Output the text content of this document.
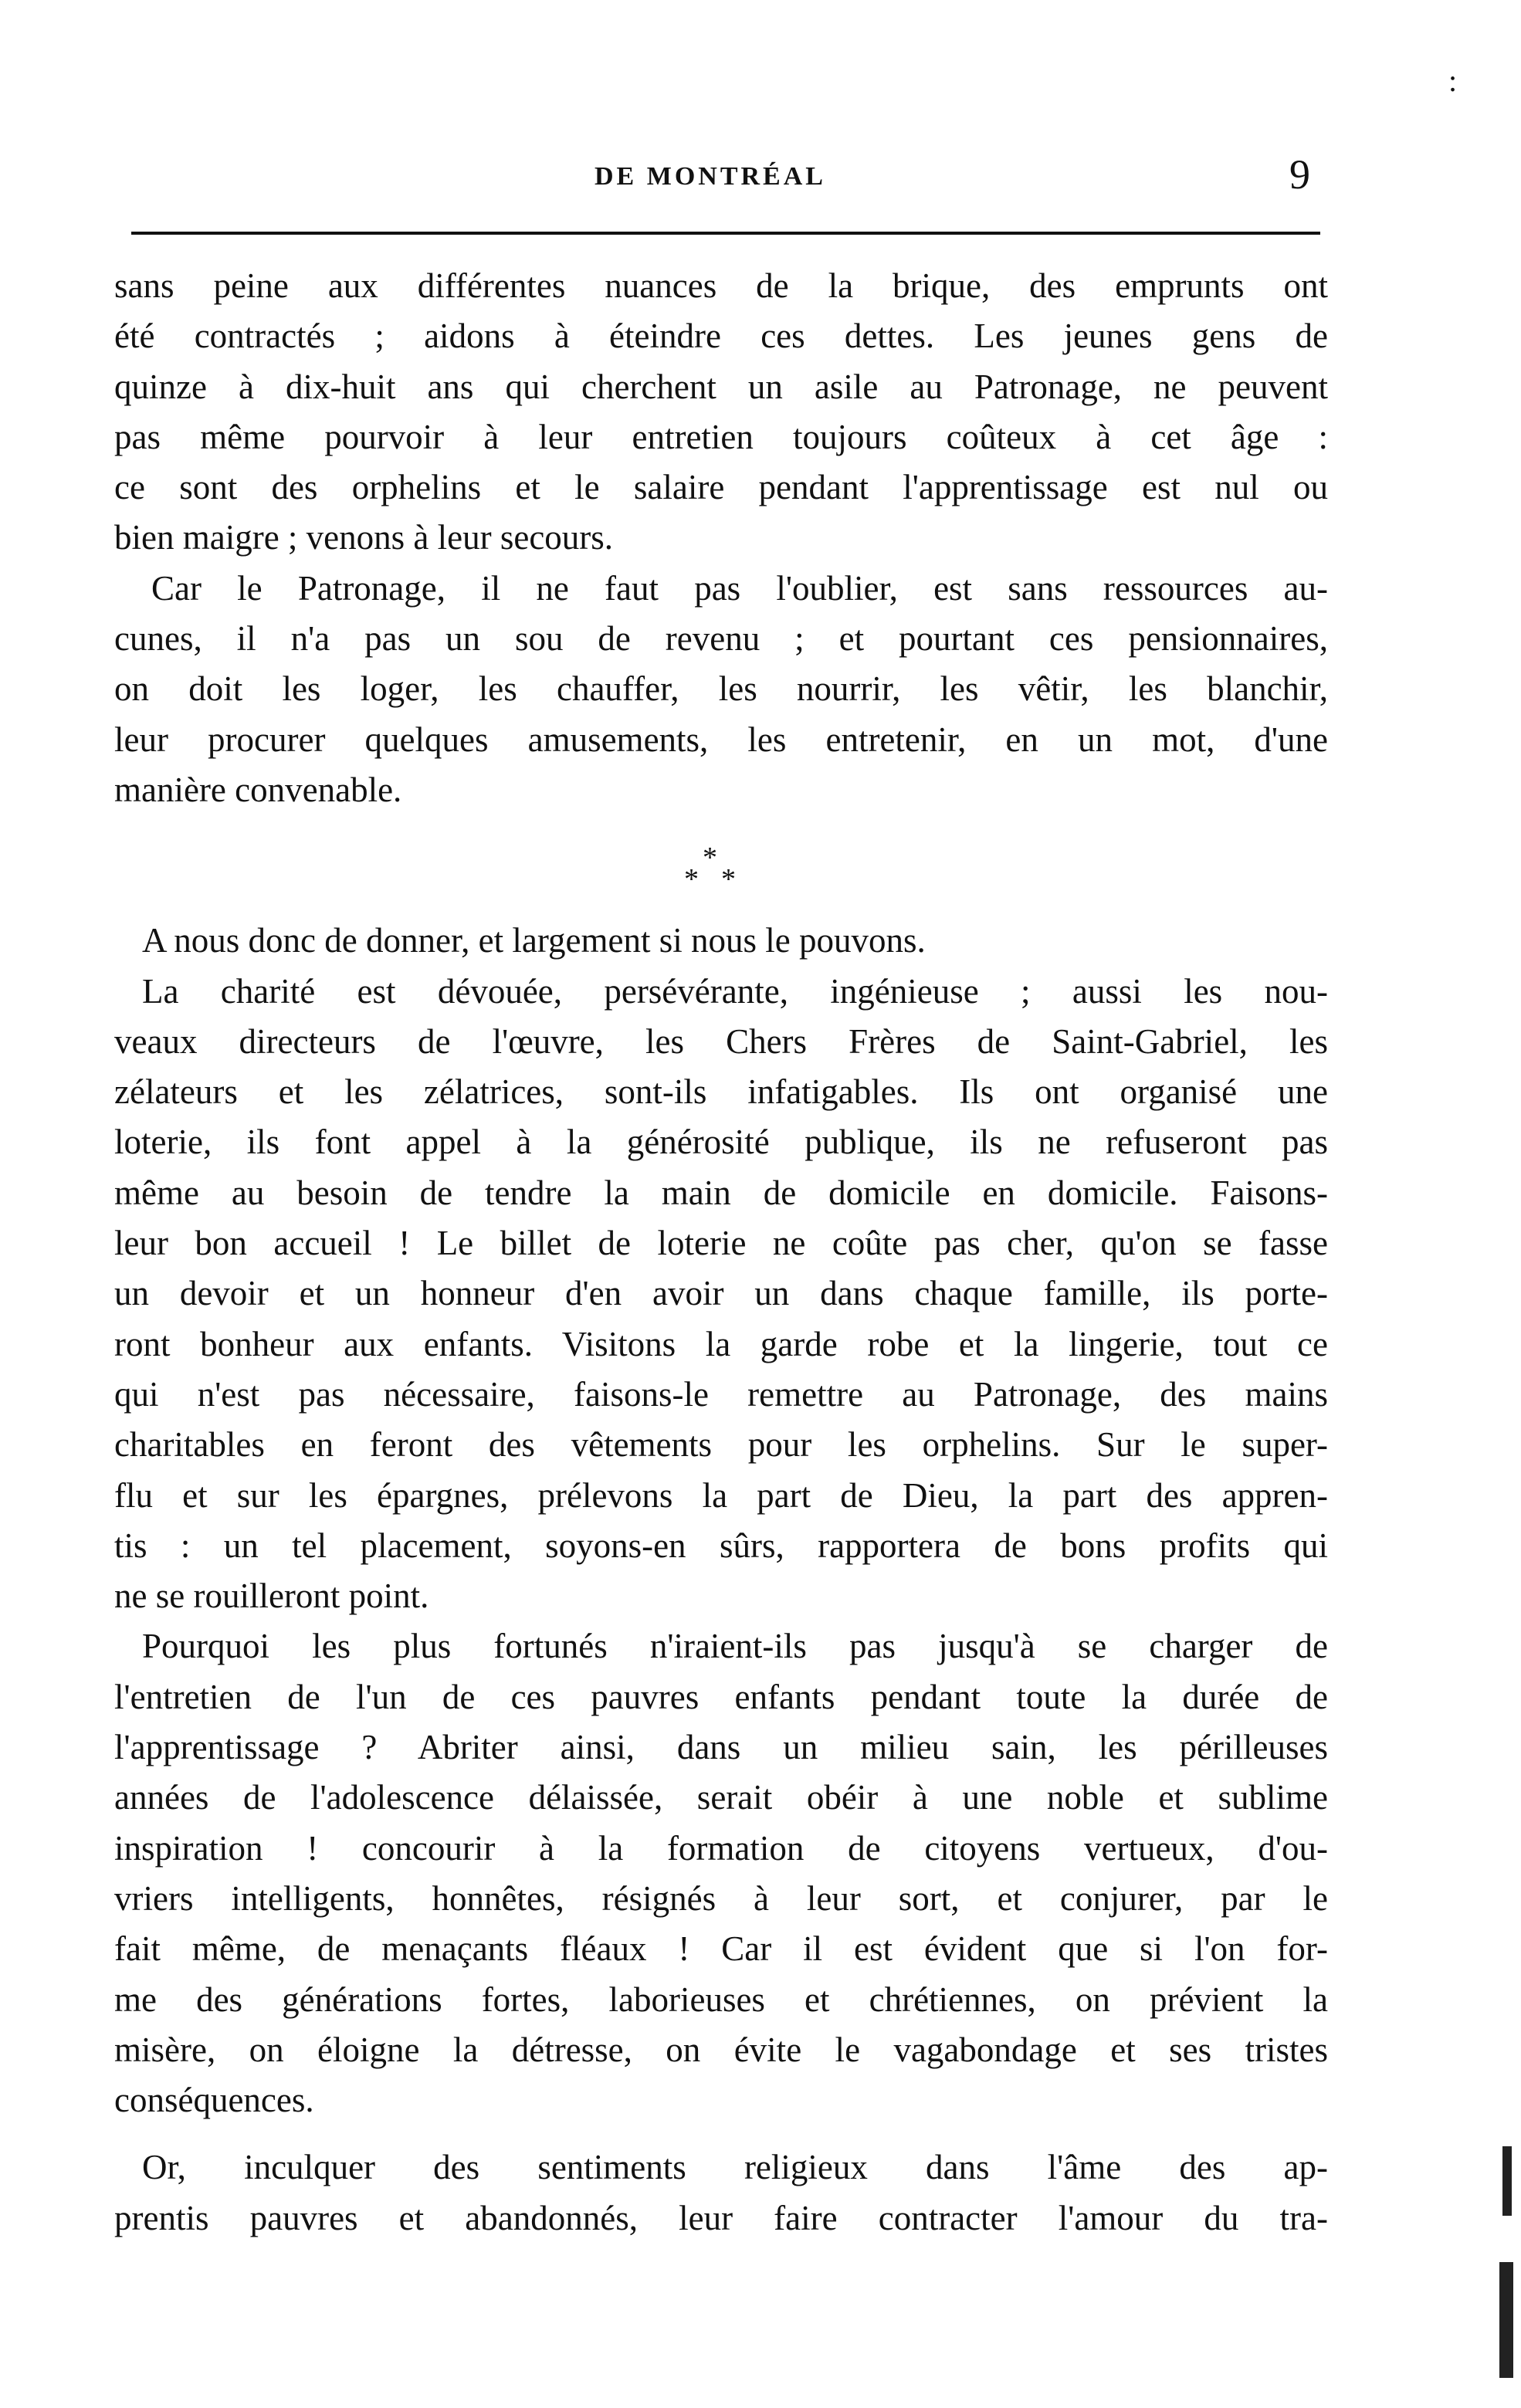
:
DE MONTRÉAL	9
sans peine aux différentes nuances de la brique, des emprunts ont
été contractés ; aidons à éteindre ces dettes. Les jeunes gens de
quinze à dix-huit ans qui cherchent un asile au Patronage, ne peuvent
pas même pourvoir à leur entretien toujours coûteux à cet âge :
ce sont des orphelins et le salaire pendant l'apprentissage est nul ou
bien maigre ; venons à leur secours.
Car le Patronage, il ne faut pas l'oublier, est sans ressources au-
cunes, il n'a pas un sou de revenu ; et pourtant ces pensionnaires,
on doit les loger, les chauffer, les nourrir, les vêtir, les blanchir,
leur procurer quelques amusements, les entretenir, en un mot, d'une
manière convenable.
*
* *
A nous donc de donner, et largement si nous le pouvons.
La charité est dévouée, persévérante, ingénieuse ; aussi les nou-
veaux directeurs de l'œuvre, les Chers Frères de Saint-Gabriel, les
zélateurs et les zélatrices, sont-ils infatigables. Ils ont organisé une
loterie, ils font appel à la générosité publique, ils ne refuseront pas
même au besoin de tendre la main de domicile en domicile. Faisons-
leur bon accueil ! Le billet de loterie ne coûte pas cher, qu'on se fasse
un devoir et un honneur d'en avoir un dans chaque famille, ils porte-
ront bonheur aux enfants. Visitons la garde robe et la lingerie, tout ce
qui n'est pas nécessaire, faisons-le remettre au Patronage, des mains
charitables en feront des vêtements pour les orphelins. Sur le super-
flu et sur les épargnes, prélevons la part de Dieu, la part des appren-
tis : un tel placement, soyons-en sûrs, rapportera de bons profits qui
ne se rouilleront point.
Pourquoi les plus fortunés n'iraient-ils pas jusqu'à se charger de
l'entretien de l'un de ces pauvres enfants pendant toute la durée de
l'apprentissage ? Abriter ainsi, dans un milieu sain, les périlleuses
années de l'adolescence délaissée, serait obéir à une noble et sublime
inspiration ! concourir à la formation de citoyens vertueux, d'ou-
vriers intelligents, honnêtes, résignés à leur sort, et conjurer, par le
fait même, de menaçants fléaux ! Car il est évident que si l'on for-
me des générations fortes, laborieuses et chrétiennes, on prévient la
misère, on éloigne la détresse, on évite le vagabondage et ses tristes
conséquences.
Or, inculquer des sentiments religieux dans l'âme des ap-
prentis pauvres et abandonnés, leur faire contracter l'amour du tra-
